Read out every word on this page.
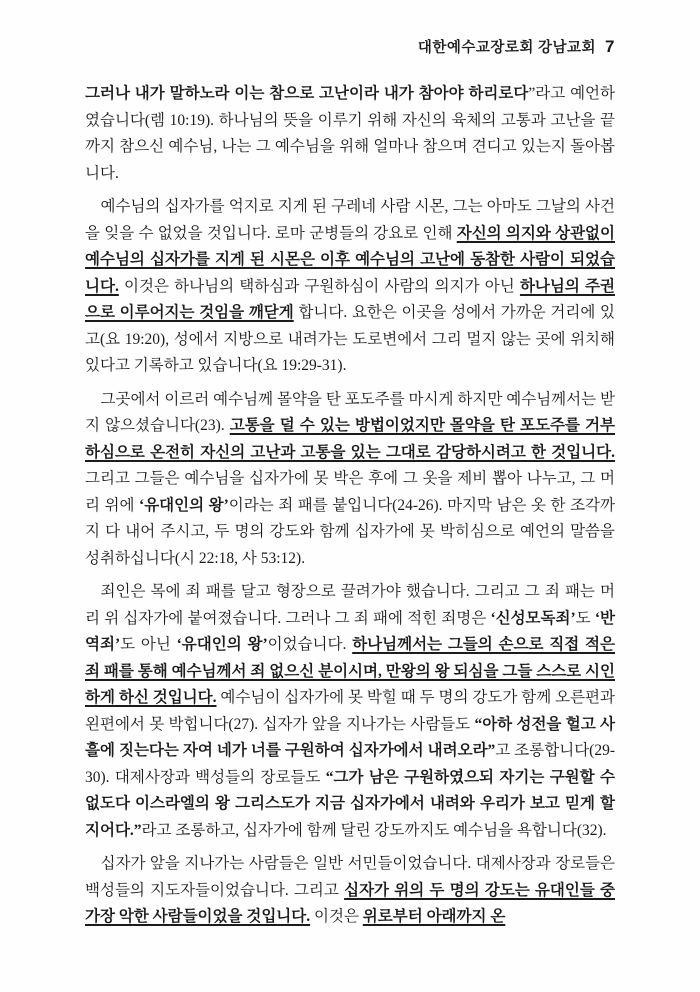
대한예수교장로회 강남교회 7

그러나 내가 말하노라 이는 참으로 고난이라 내가 참아야 하리로다”라고 예언하였습니다(렘 10:19). 하나님의 뜻을 이루기 위해 자신의 육체의 고통과 고난을 끝까지 참으신 예수님, 나는 그 예수님을 위해 얼마나 참으며 견디고 있는지 돌아봅니다.

예수님의 십자가를 억지로 지게 된 구레네 사람 시몬, 그는 아마도 그날의 사건을 잊을 수 없었을 것입니다. 로마 군병들의 강요로 인해 자신의 의지와 상관없이 예수님의 십자가를 지게 된 시몬은 이후 예수님의 고난에 동참한 사람이 되었습니다. 이것은 하나님의 택하심과 구원하심이 사람의 의지가 아닌 하나님의 주권으로 이루어지는 것임을 깨닫게 합니다. 요한은 이곳을 성에서 가까운 거리에 있고(요 19:20), 성에서 지방으로 내려가는 도로변에서 그리 멀지 않는 곳에 위치해 있다고 기록하고 있습니다(요 19:29-31).

그곳에서 이르러 예수님께 몰약을 탄 포도주를 마시게 하지만 예수님께서는 받지 않으셨습니다(23). 고통을 덜 수 있는 방법이었지만 몰약을 탄 포도주를 거부하심으로 온전히 자신의 고난과 고통을 있는 그대로 감당하시려고 한 것입니다. 그리고 그들은 예수님을 십자가에 못 박은 후에 그 옷을 제비 뽑아 나누고, 그 머리 위에 ‘유대인의 왕’이라는 죄 패를 붙입니다(24-26). 마지막 남은 옷 한 조각까지 다 내어 주시고, 두 명의 강도와 함께 십자가에 못 박히심으로 예언의 말씀을 성취하십니다(시 22:18, 사 53:12).

죄인은 목에 죄 패를 달고 형장으로 끌려가야 했습니다. 그리고 그 죄 패는 머리 위 십자가에 붙여졌습니다. 그러나 그 죄 패에 적힌 죄명은 ‘신성모독죄’도 ‘반역죄’도 아닌 ‘유대인의 왕’이었습니다. 하나님께서는 그들의 손으로 직접 적은 죄 패를 통해 예수님께서 죄 없으신 분이시며, 만왕의 왕 되심을 그들 스스로 시인하게 하신 것입니다. 예수님이 십자가에 못 박힐 때 두 명의 강도가 함께 오른편과 왼편에서 못 박힙니다(27). 십자가 앞을 지나가는 사람들도 “아하 성전을 헐고 사흘에 짓는다는 자여 네가 너를 구원하여 십자가에서 내려오라”고 조롱합니다(29-30). 대제사장과 백성들의 장로들도 “그가 남은 구원하였으되 자기는 구원할 수 없도다 이스라엘의 왕 그리스도가 지금 십자가에서 내려와 우리가 보고 믿게 할지어다.”라고 조롱하고, 십자가에 함께 달린 강도까지도 예수님을 욕합니다(32).

십자가 앞을 지나가는 사람들은 일반 서민들이었습니다. 대제사장과 장로들은 백성들의 지도자들이었습니다. 그리고 십자가 위의 두 명의 강도는 유대인들 중 가장 악한 사람들이었을 것입니다. 이것은 위로부터 아래까지 온
